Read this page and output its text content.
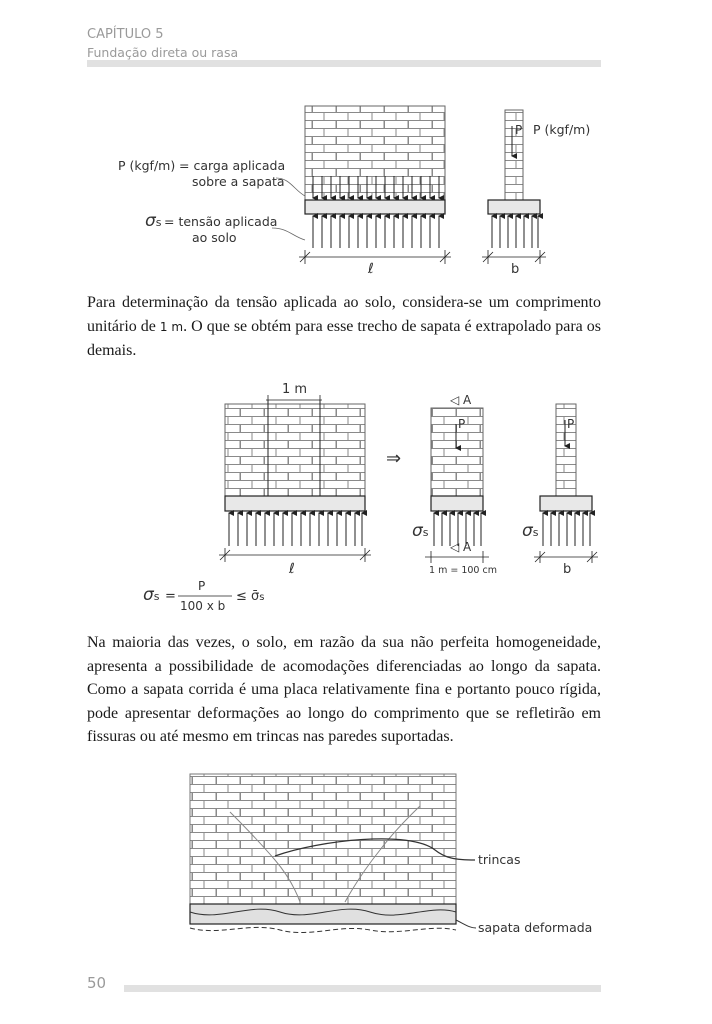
CAPÍTULO 5
Fundação direta ou rasa
ℓ
P (kgf/m) = carga aplicada
sobre a sapata
σs = tensão aplicada
ao solo
P P (kgf/m)
b

Para determinação da tensão aplicada ao solo, considera-se um comprimento unitário de 1 m. O que se obtém para esse trecho de sapata é extrapolado para os demais.

1 m
ℓ
⇒
◁ A
P
σs
◁ A
1 m = 100 cm
P
σs
b
σs =
P
100 x b
≤ σ̄s

Na maioria das vezes, o solo, em razão da sua não perfeita homogeneidade, apresenta a possibilidade de acomodações diferenciadas ao longo da sapata. Como a sapata corrida é uma placa relativamente fina e portanto pouco rígida, pode apresentar deformações ao longo do comprimento que se refletirão em fissuras ou até mesmo em trincas nas paredes suportadas.

trincas
sapata deformada
50
